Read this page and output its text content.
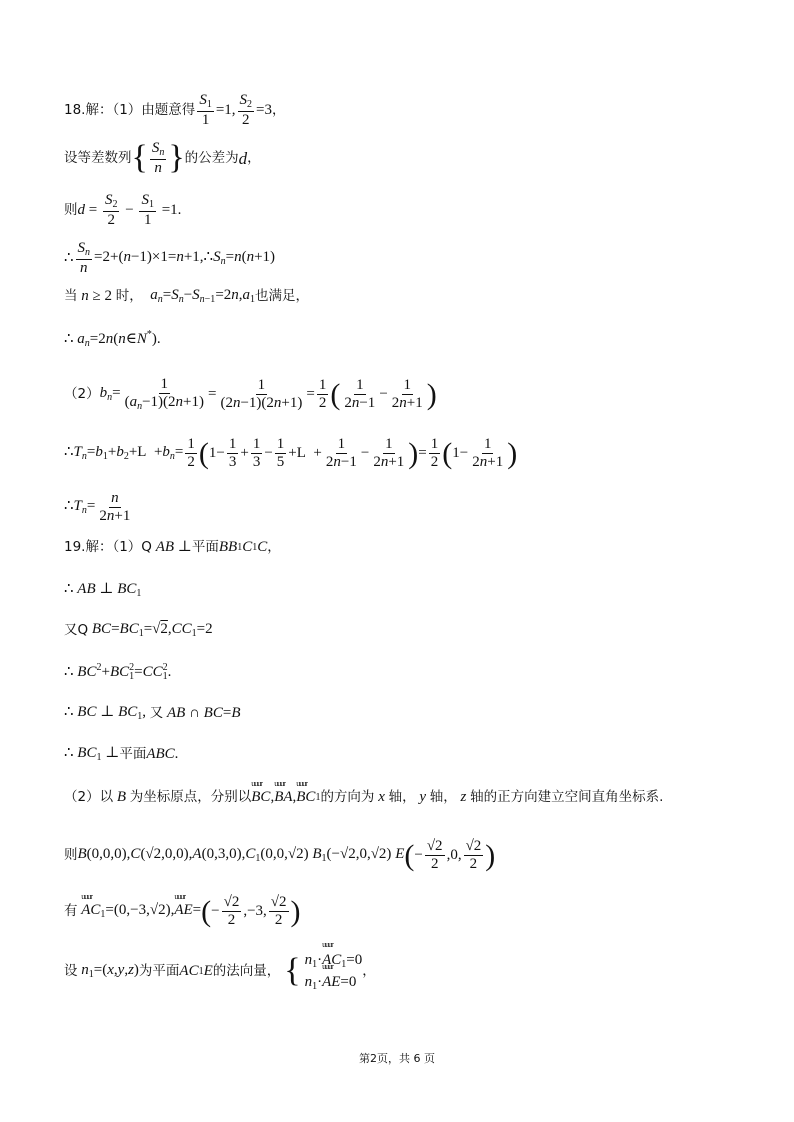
18.解：（1）由题意得 $\frac{S_1}{1} =1$, $\frac{S_2}{2} =3$ ，
设等差数列 { $S_n$
n } 的公差为 d ，
则 $d = \frac{S_2}{2} - \frac{S_1}{1} =1$.
∴ $\frac{S_n}{n}$ $=2+(n-1)\times 1=n+1,\therefore S_n=n(n+1)$
当 n ≥ 2 时， $a_n=S_n-S_{n-1}=2n,a_1$ 也满足，
∴ $a_n=2n(n\in N^*)$.
（2） $b_n= \frac{1}{(a_n-1)(2n+1)} = \frac{1}{(2n-1)(2n+1)} = \frac{1}{2}$ ( 1
2n−1
− $\frac{1}{2n+1}$ )
$\therefore T_n=b_1+b_2+L +b_n= \frac{1}{2}$ ( $1- \frac{1}{3} + \frac{1}{3} - \frac{1}{5} +L + \frac{1}{2n-1} - \frac{1}{2n+1}$ ) = $\frac{1}{2}$ ( $1- \frac{1}{2n+1}$ )
$\therefore T_n= \frac{n}{2n+1}$
19.解：（1）Q AB ⊥ 平面 BB 1 C 1 C ，
∴ AB ⊥ $BC_1$
又Q $BC=BC_1=√2,CC_1=2$
∴ $BC^2+BC_1^2=CC_1^2$.
∴ BC ⊥ $BC_1$, 又 AB ∩ BC=B
∴ $BC_1$ ⊥ 平面 ABC .
（2）以 B 为坐标原点，分别以 uuur BC , uuur BA , uuur BC 1 的方向为 x 轴， y 轴， z 轴的正方向建立空间直角坐标系.
则 $B(0,0,0),C(√2,0,0),A(0,3,0),C_1(0,0,√2)$ $B_1(-√2,0,√2)$ E ( − $\frac{√2}{2} ,0$,
√2
2 )
有 uuur $AC_1=(0,-3,√2),uuur$ AE= ( − $\frac{√2}{2} ,-3$,
√2
2 )
设 $n_1=(x,y,z)$ 为平面 AC 1 E 的法向量， { $n_1\cdot uuur$ $AC_1=0$
$n_1\cdot uuur$ AE=0
，
第2页，共 6 页
